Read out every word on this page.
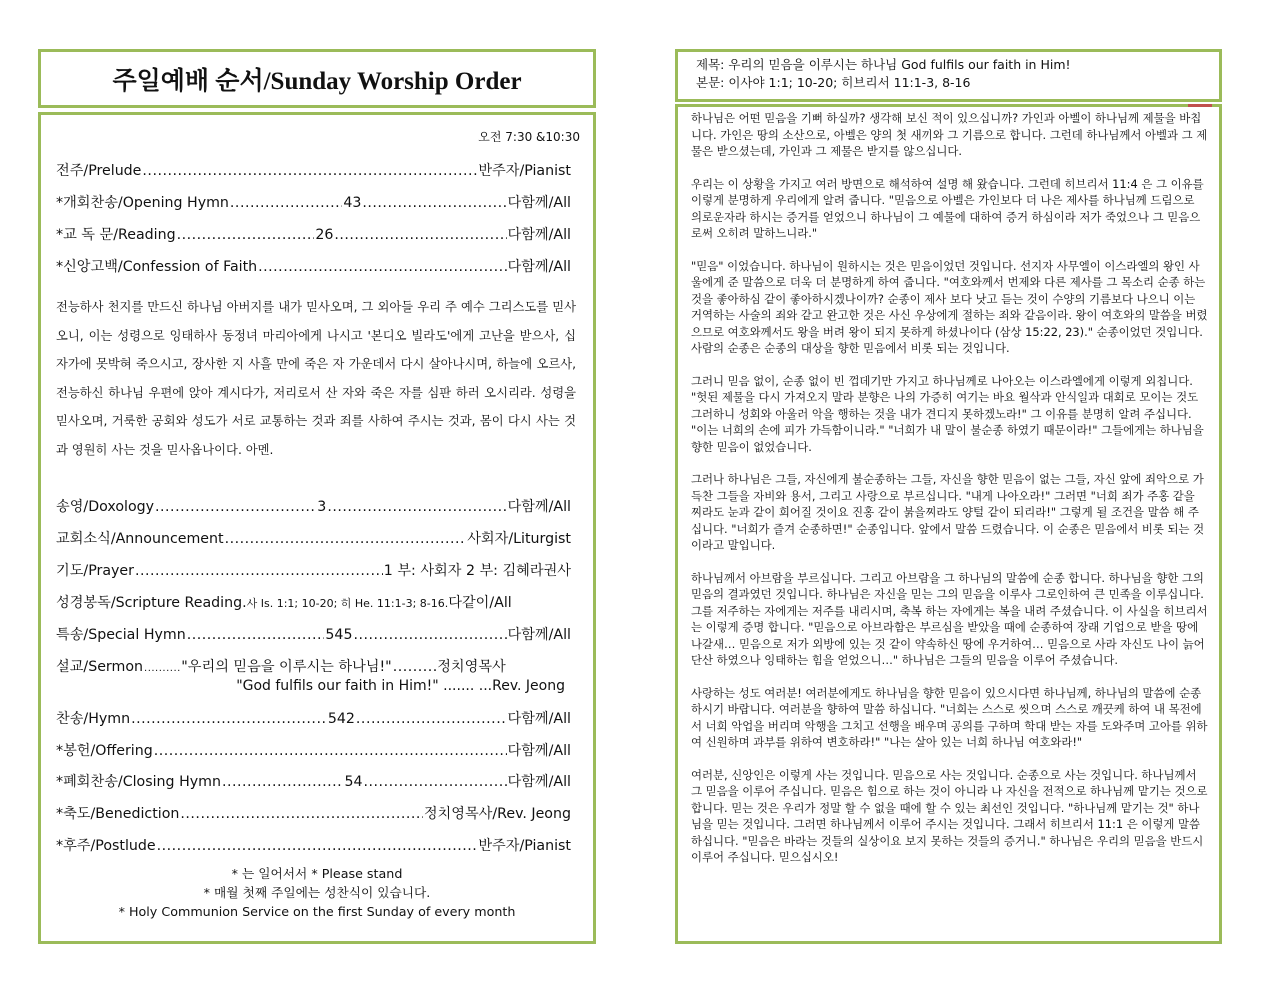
주일예배 순서/Sunday Worship Order
오전 7:30 &10:30
전주/Prelude .....	반주자/Pianist
*개회찬송/Opening Hymn .....	43 .....	다함께/All
*교 독 문/Reading .....	26 .....	다함께/All
*신앙고백/Confession of Faith .....	다함께/All
전능하사 천지를 만드신 하나님 아버지를 내가 믿사오며, 그 외아들 우리 주 예수 그리스도를 믿사오니, 이는 성령으로 잉태하사 동정녀 마리아에게 나시고 '본디오 빌라도'에게 고난을 받으사, 십자가에 못박혀 죽으시고, 장사한 지 사흘 만에 죽은 자 가운데서 다시 살아나시며, 하늘에 오르사, 전능하신 하나님 우편에 앉아 계시다가, 저리로서 산 자와 죽은 자를 심판 하러 오시리라. 성령을 믿사오며, 거룩한 공회와 성도가 서로 교통하는 것과 죄를 사하여 주시는 것과, 몸이 다시 사는 것과 영원히 사는 것을 믿사옵나이다. 아멘.
송영/Doxology .....	3 .....	다함께/All
교회소식/Announcement .....	사회자/Liturgist
기도/Prayer .....	1 부: 사회자 2 부: 김혜라권사
성경봉독/Scripture Reading. 사 Is. 1:1; 10-20; 히 He. 11:1-3; 8-16. 다같이/All
특송/Special Hymn .....	545 .....	다함께/All
설교/Sermon .....	"우리의 믿음을 이루시는 하나님!" .....	정치영목사
"God fulfils our faith in Him!" ....... ...Rev. Jeong
찬송/Hymn .....	542 .....	다함께/All
*봉헌/Offering .....	다함께/All
*폐회찬송/Closing Hymn .....	54 .....	다함께/All
*축도/Benediction .....	정치영목사/Rev. Jeong
*후주/Postlude .....	반주자/Pianist
* 는 일어서서 * Please stand
* 매월 첫째 주일에는 성찬식이 있습니다.
* Holy Communion Service on the first Sunday of every month
제목: 우리의 믿음을 이루시는 하나님 God fulfils our faith in Him!
본문: 이사야 1:1; 10-20; 히브리서 11:1-3, 8-16

하나님은 어떤 믿음을 기뻐 하실까? 생각해 보신 적이 있으십니까? 가인과 아벨이 하나님께 제물을 바칩니다. 가인은 땅의 소산으로, 아벨은 양의 첫 새끼와 그 기름으로 합니다. 그런데 하나님께서 아벨과 그 제물은 받으셨는데, 가인과 그 제물은 받지를 않으십니다.

우리는 이 상황을 가지고 여러 방면으로 해석하여 설명 해 왔습니다. 그런데 히브리서 11:4 은 그 이유를 이렇게 분명하게 우리에게 알려 줍니다. "믿음으로 아벨은 가인보다 더 나은 제사를 하나님께 드림으로 의로운자라 하시는 증거를 얻었으니 하나님이 그 예물에 대하여 증거 하심이라 저가 죽었으나 그 믿음으로써 오히려 말하느니라."

"믿음" 이었습니다. 하나님이 원하시는 것은 믿음이었던 것입니다. 선지자 사무엘이 이스라엘의 왕인 사울에게 준 말씀으로 더욱 더 분명하게 하여 줍니다. "여호와께서 번제와 다른 제사를 그 목소리 순종 하는 것을 좋아하심 같이 좋아하시겠나이까? 순종이 제사 보다 낫고 듣는 것이 수양의 기름보다 나으니 이는 거역하는 사술의 죄와 같고 완고한 것은 사신 우상에게 절하는 죄와 같음이라. 왕이 여호와의 말씀을 버렸으므로 여호와께서도 왕을 버려 왕이 되지 못하게 하셨나이다 (삼상 15:22, 23)." 순종이었던 것입니다. 사람의 순종은 순종의 대상을 향한 믿음에서 비롯 되는 것입니다.

그러니 믿음 없이, 순종 없이 빈 껍데기만 가지고 하나님께로 나아오는 이스라엘에게 이렇게 외칩니다. "헛된 제물을 다시 가져오지 말라 분향은 나의 가증히 여기는 바요 월삭과 안식일과 대회로 모이는 것도 그러하니 성회와 아울러 악을 행하는 것을 내가 견디지 못하겠노라!" 그 이유를 분명히 알려 주십니다. "이는 너희의 손에 피가 가득함이니라." "너희가 내 말이 불순종 하였기 때문이라!" 그들에게는 하나님을 향한 믿음이 없었습니다.

그러나 하나님은 그들, 자신에게 불순종하는 그들, 자신을 향한 믿음이 없는 그들, 자신 앞에 죄악으로 가득찬 그들을 자비와 용서, 그리고 사랑으로 부르십니다. "내게 나아오라!" 그러면 "너희 죄가 주홍 같을 찌라도 눈과 같이 희어질 것이요 진홍 같이 붉을찌라도 양털 같이 되리라!" 그렇게 될 조건을 말씀 해 주십니다. "너희가 즐겨 순종하면!" 순종입니다. 앞에서 말씀 드렸습니다. 이 순종은 믿음에서 비롯 되는 것이라고 말입니다.

하나님께서 아브람을 부르십니다. 그리고 아브람을 그 하나님의 말씀에 순종 합니다. 하나님을 향한 그의 믿음의 결과였던 것입니다. 하나님은 자신을 믿는 그의 믿음을 이루사 그로인하여 큰 민족을 이루십니다. 그를 저주하는 자에게는 저주를 내리시며, 축복 하는 자에게는 복을 내려 주셨습니다. 이 사실을 히브리서는 이렇게 증명 합니다. "믿음으로 아브라함은 부르심을 받았을 때에 순종하여 장래 기업으로 받을 땅에 나갈새… 믿음으로 저가 외방에 있는 것 같이 약속하신 땅에 우거하여… 믿음으로 사라 자신도 나이 늙어 단산 하였으나 잉태하는 힘을 얻었으니…" 하나님은 그들의 믿음을 이루어 주셨습니다.

사랑하는 성도 여러분! 여러분에게도 하나님을 향한 믿음이 있으시다면 하나님께, 하나님의 말씀에 순종 하시기 바랍니다. 여러분을 향하여 말씀 하십니다. "너희는 스스로 씻으며 스스로 깨끗케 하여 내 목전에서 너희 악업을 버리며 악행을 그치고 선행을 배우며 공의를 구하며 학대 받는 자를 도와주며 고아를 위하여 신원하며 과부를 위하여 변호하라!" "나는 살아 있는 너희 하나님 여호와라!"

여러분, 신앙인은 이렇게 사는 것입니다. 믿음으로 사는 것입니다. 순종으로 사는 것입니다. 하나님께서 그 믿음을 이루어 주십니다. 믿음은 힘으로 하는 것이 아니라 나 자신을 전적으로 하나님께 맡기는 것으로 합니다. 믿는 것은 우리가 정말 할 수 없을 때에 할 수 있는 최선인 것입니다. "하나님께 맡기는 것" 하나님을 믿는 것입니다. 그러면 하나님께서 이루어 주시는 것입니다. 그래서 히브리서 11:1 은 이렇게 말씀 하십니다. "믿음은 바라는 것들의 실상이요 보지 못하는 것들의 증거니." 하나님은 우리의 믿음을 반드시 이루어 주십니다. 믿으십시오!
